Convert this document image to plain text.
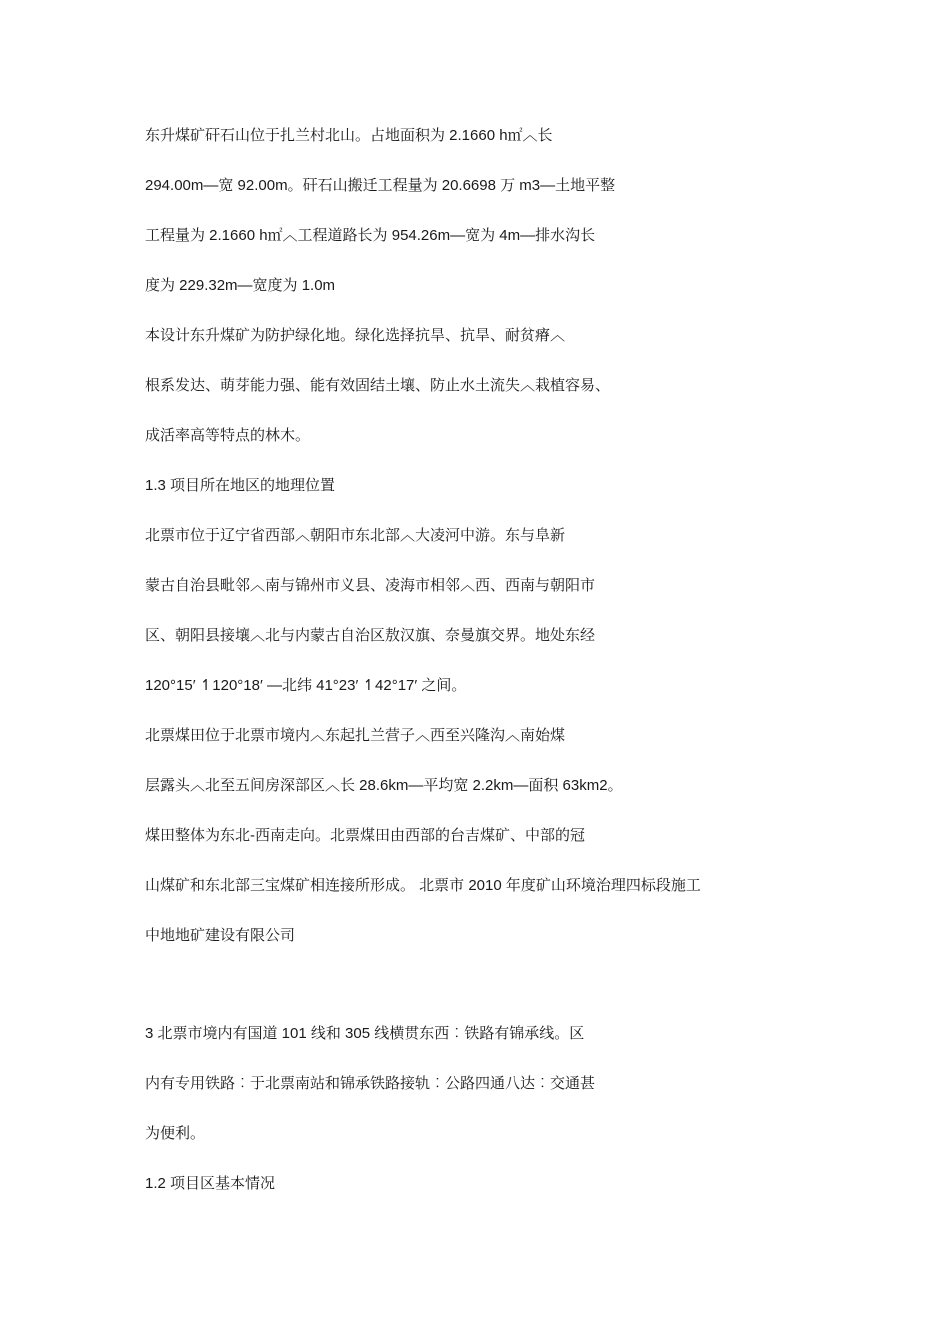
东升煤矿矸石山位于扎兰村北山。占地面积为 2.1660 h㎡︿长
294.00m—宽 92.00m。矸石山搬迁工程量为 20.6698 万 m3—土地平整
工程量为 2.1660 h㎡︿工程道路长为 954.26m—宽为 4m—排水沟长
度为 229.32m—宽度为 1.0m
本设计东升煤矿为防护绿化地。绿化选择抗旱、抗旱、耐贫瘠︿
根系发达、萌芽能力强、能有效固结土壤、防止水土流失︿栽植容易、
成活率高等特点的林木。
1.3 项目所在地区的地理位置
北票市位于辽宁省西部︿朝阳市东北部︿大凌河中游。东与阜新
蒙古自治县毗邻︿南与锦州市义县、凌海市相邻︿西、西南与朝阳市
区、朝阳县接壤︿北与内蒙古自治区敖汉旗、奈曼旗交界。地处东经
120°15′ ↿120°18′ —北纬 41°23′ ↿42°17′ 之间。
北票煤田位于北票市境内︿东起扎兰营子︿西至兴隆沟︿南始煤
层露头︿北至五间房深部区︿长 28.6km—平均宽 2.2km—面积 63km2。
煤田整体为东北-西南走向。北票煤田由西部的台吉煤矿、中部的冠
山煤矿和东北部三宝煤矿相连接所形成。 北票市 2010 年度矿山环境治理四标段施工
中地地矿建设有限公司
3 北票市境内有国道 101 线和 305 线横贯东西︰铁路有锦承线。区
内有专用铁路︰于北票南站和锦承铁路接轨︰公路四通八达︰交通甚
为便利。
1.2 项目区基本情况
